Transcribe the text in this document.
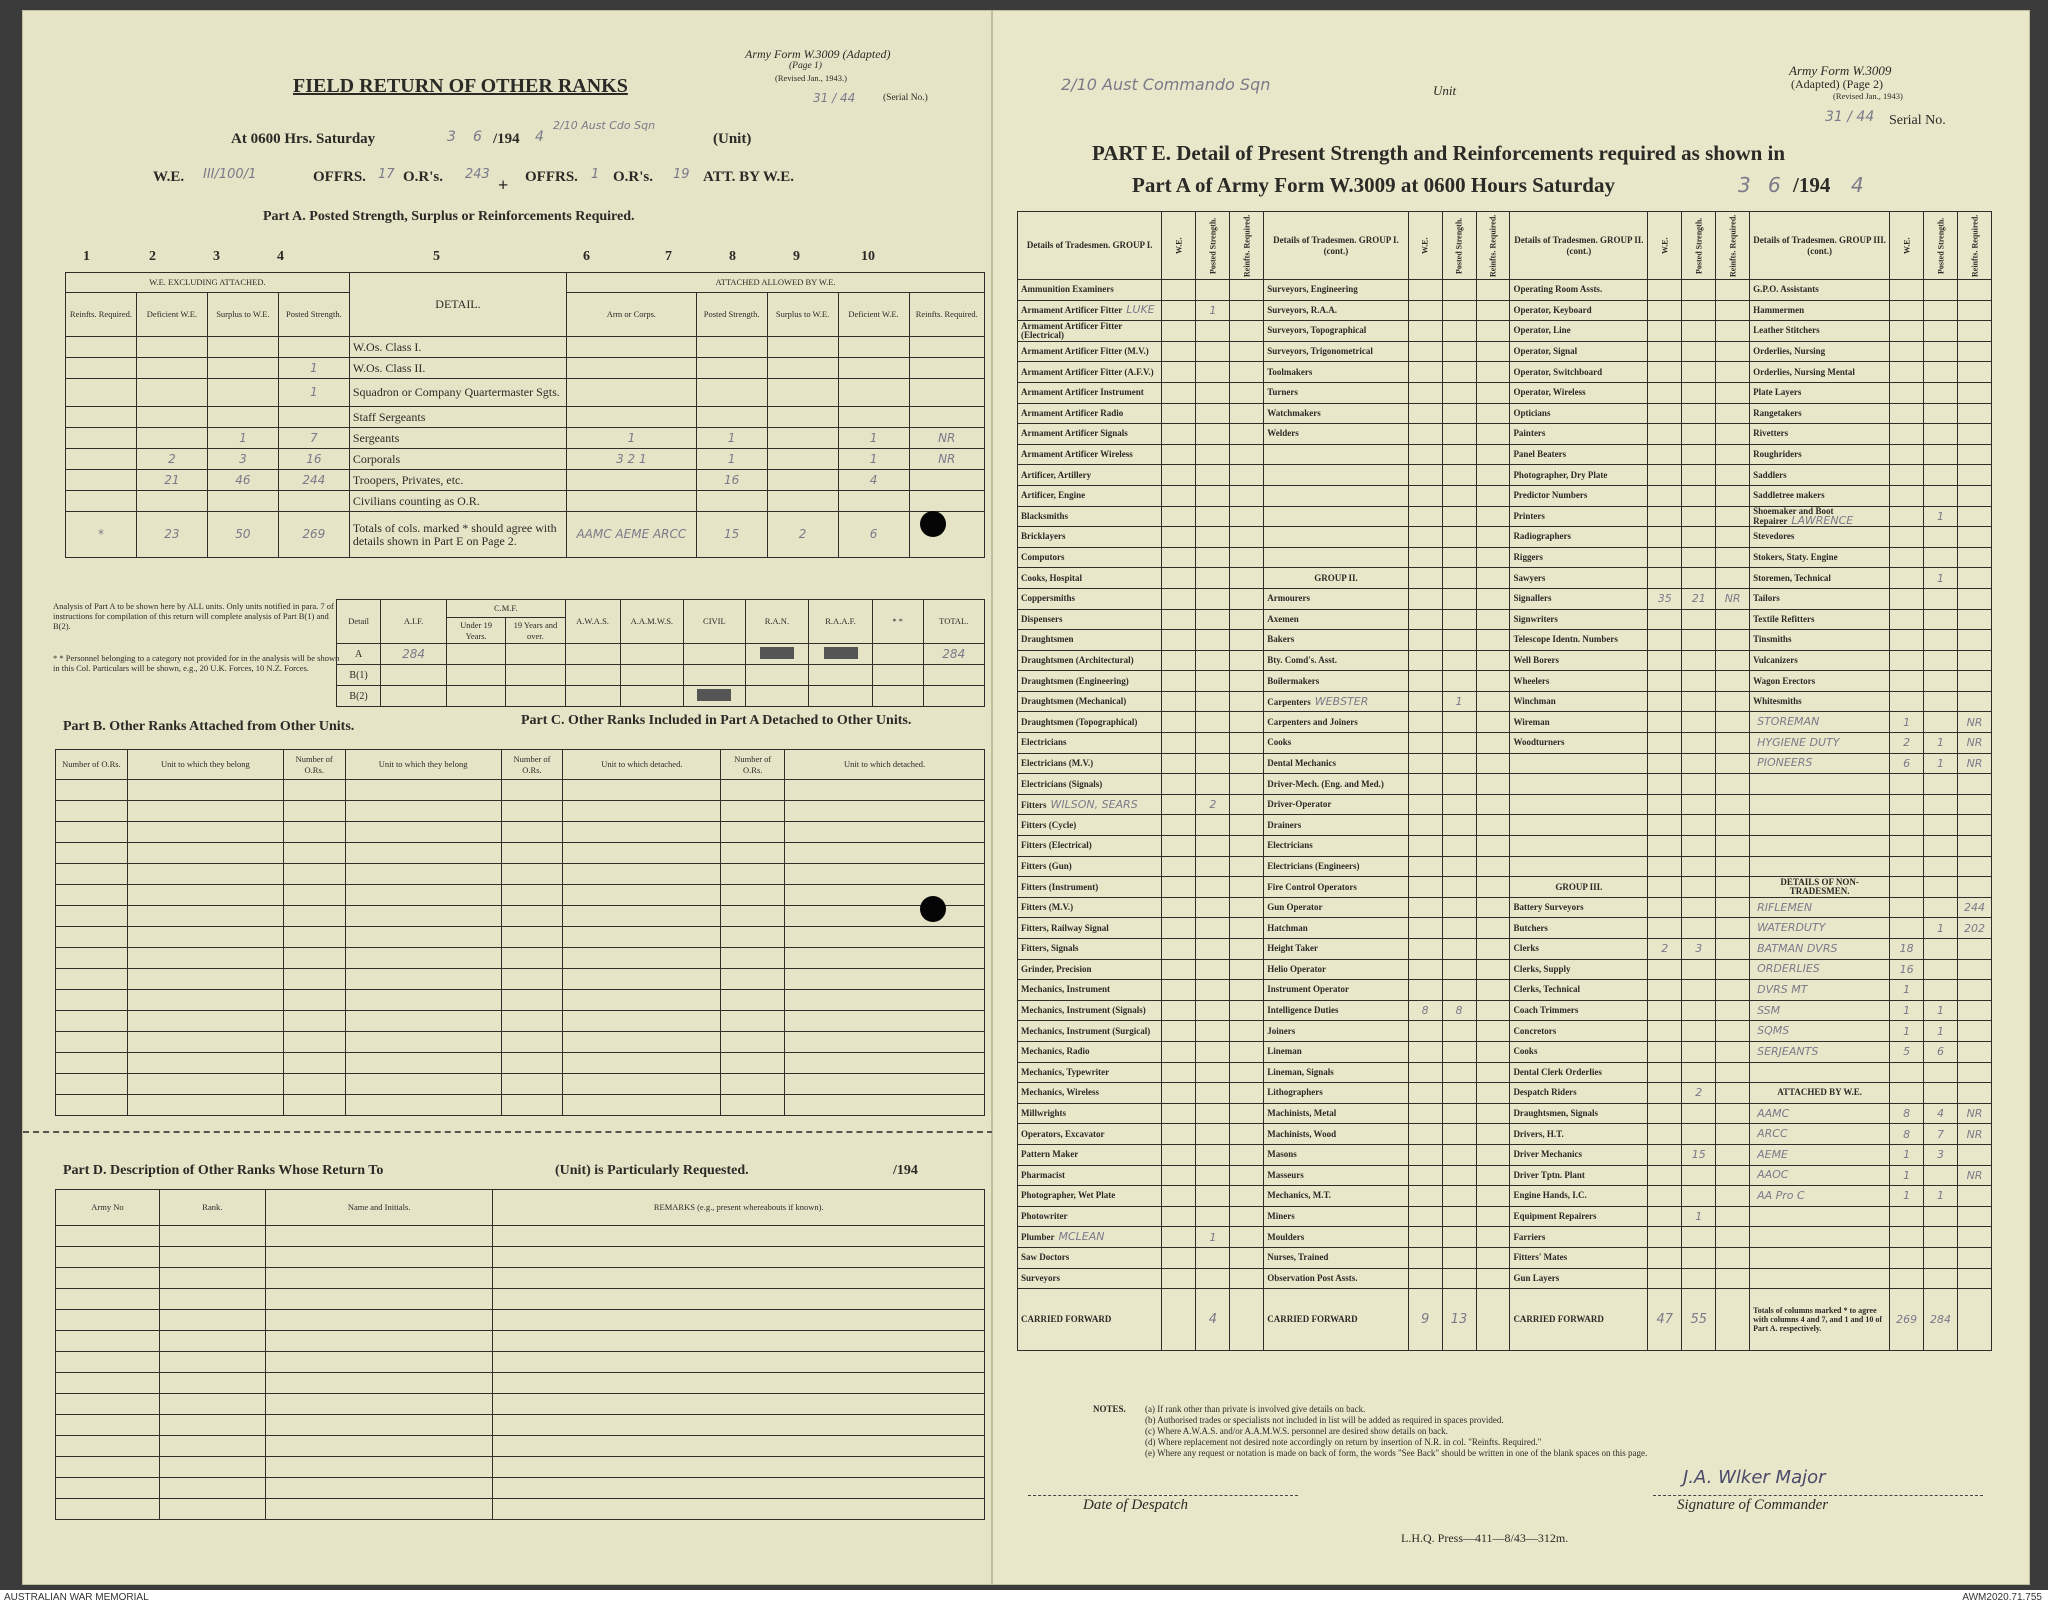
Army Form W.3009 (Adapted)
(Page 1)
(Revised Jan., 1943.)
31 / 44	(Serial No.)
FIELD RETURN OF OTHER RANKS
At 0600 Hrs. Saturday	3 6 /194 4
2/10 Aust Cdo Sqn
(Unit)
W.E. III/100/1	OFFRS. 17 O.R's. 243
+ OFFRS. 1 O.R's. 19 ATT. BY W.E.
Part A. Posted Strength, Surplus or Reinforcements Required.
1	2	3	4	5	6	7	8	9	10
W.E. EXCLUDING ATTACHED.				DETAIL.	ATTACHED ALLOWED BY W.E.				
Reinfts. Required.	Deficient W.E.	Surplus to W.E.	Posted Strength.		Arm or Corps.	Posted Strength.	Surplus to W.E.	Deficient W.E.	Reinfts. Required.
				W.Os. Class I.					
			1	W.Os. Class II.					
			1	Squadron or Company Quartermaster Sgts.					
				Staff Sergeants					
		1	7	Sergeants	1	1		1	NR
	2	3	16	Corporals	3 2 1	1		1	NR
	21	46	244	Troopers, Privates, etc.		16		4	
				Civilians counting as O.R.					
*	23	50	269	Totals of cols. marked * should agree with details shown in Part E on Page 2.	AAMC AEME ARCC	15	2	6	
Analysis of Part A to be shown here by ALL units. Only units notified in para. 7 of instructions for compilation of this return will complete analysis of Part B(1) and B(2).
* * Personnel belonging to a category not provided for in the analysis will be shown in this Col. Particulars will be shown, e.g., 20 U.K. Forces, 10 N.Z. Forces.
Detail	A.I.F.	C.M.F.		A.W.A.S.	A.A.M.W.S.	CIVIL	R.A.N.	R.A.A.F.	* *	TOTAL.
		Under 19 Years.	19 Years and over.							
A	284									284
B(1)										
B(2)										
Part B. Other Ranks Attached from Other Units.	Part C. Other Ranks Included in Part A Detached to Other Units.
Number of O.Rs.	Unit to which they belong	Number of O.Rs.	Unit to which they belong	Number of O.Rs.	Unit to which detached.	Number of O.Rs.	Unit to which detached.

Part D. Description of Other Ranks Whose Return To	(Unit) is Particularly Requested.	/194
Army No	Rank.	Name and Initials.	REMARKS (e.g., present whereabouts if known).

2/10 Aust Commando Sqn	Unit
Army Form W.3009
(Adapted) (Page 2)
(Revised Jan., 1943)
31 / 44 Serial No.
PART E. Detail of Present Strength and Reinforcements required as shown in
Part A of Army Form W.3009 at 0600 Hours Saturday	3 6 /194 4
Details of Tradesmen. GROUP I.	W.E.	Posted Strength.	Reinfts. Required.	Details of Tradesmen. GROUP I. (cont.)	W.E.	Posted Strength.	Reinfts. Required.	Details of Tradesmen. GROUP II. (cont.)	W.E.	Posted Strength.	Reinfts. Required.	Details of Tradesmen. GROUP III. (cont.)	W.E.	Posted Strength.	Reinfts. Required.
Ammunition Examiners				Surveyors, Engineering				Operating Room Assts.				G.P.O. Assistants			
Armament Artificer Fitter LUKE		1		Surveyors, R.A.A.				Operator, Keyboard				Hammermen			
Armament Artificer Fitter (Electrical)				Surveyors, Topographical				Operator, Line				Leather Stitchers			
Armament Artificer Fitter (M.V.)				Surveyors, Trigonometrical				Operator, Signal				Orderlies, Nursing			
Armament Artificer Fitter (A.F.V.)				Toolmakers				Operator, Switchboard				Orderlies, Nursing Mental			
Armament Artificer Instrument				Turners				Operator, Wireless				Plate Layers			
Armament Artificer Radio				Watchmakers				Opticians				Rangetakers			
Armament Artificer Signals				Welders				Painters				Rivetters			
Armament Artificer Wireless								Panel Beaters				Roughriders			
Artificer, Artillery								Photographer, Dry Plate				Saddlers			
Artificer, Engine								Predictor Numbers				Saddletree makers			
Blacksmiths								Printers				Shoemaker and Boot Repairer LAWRENCE		1	
Bricklayers								Radiographers				Stevedores			
Computors								Riggers				Stokers, Staty. Engine			
Cooks, Hospital				GROUP II.				Sawyers				Storemen, Technical		1	
Coppersmiths				Armourers				Signallers	35	21	NR	Tailors			
Dispensers				Axemen				Signwriters				Textile Refitters			
Draughtsmen				Bakers				Telescope Identn. Numbers				Tinsmiths			
Draughtsmen (Architectural)				Bty. Comd's. Asst.				Well Borers				Vulcanizers			
Draughtsmen (Engineering)				Boilermakers				Wheelers				Wagon Erectors			
Draughtsmen (Mechanical)				Carpenters WEBSTER		1		Winchman				Whitesmiths			
Draughtsmen (Topographical)				Carpenters and Joiners				Wireman				STOREMAN	1		NR
Electricians				Cooks				Woodturners				HYGIENE DUTY	2	1	NR
Electricians (M.V.)				Dental Mechanics								PIONEERS	6	1	NR
Electricians (Signals)				Driver-Mech. (Eng. and Med.)											
Fitters WILSON, SEARS		2		Driver-Operator											
Fitters (Cycle)				Drainers											
Fitters (Electrical)				Electricians											
Fitters (Gun)				Electricians (Engineers)											
Fitters (Instrument)				Fire Control Operators				GROUP III.				DETAILS OF NON-TRADESMEN.			
Fitters (M.V.)				Gun Operator				Battery Surveyors				RIFLEMEN			244
Fitters, Railway Signal				Hatchman				Butchers				WATERDUTY		1	202
Fitters, Signals				Height Taker				Clerks	2	3		BATMAN DVRS	18		
Grinder, Precision				Helio Operator				Clerks, Supply				ORDERLIES	16		
Mechanics, Instrument				Instrument Operator				Clerks, Technical				DVRS MT	1		
Mechanics, Instrument (Signals)				Intelligence Duties	8	8		Coach Trimmers				SSM	1	1	
Mechanics, Instrument (Surgical)				Joiners				Concretors				SQMS	1	1	
Mechanics, Radio				Lineman				Cooks				SERJEANTS	5	6	
Mechanics, Typewriter				Lineman, Signals				Dental Clerk Orderlies							
Mechanics, Wireless				Lithographers				Despatch Riders		2		ATTACHED BY W.E.			
Millwrights				Machinists, Metal				Draughtsmen, Signals				AAMC	8	4	NR
Operators, Excavator				Machinists, Wood				Drivers, H.T.				ARCC	8	7	NR
Pattern Maker				Masons				Driver Mechanics		15		AEME	1	3	
Pharmacist				Masseurs				Driver Tptn. Plant				AAOC	1		NR
Photographer, Wet Plate				Mechanics, M.T.				Engine Hands, I.C.				AA Pro C	1	1	
Photowriter				Miners				Equipment Repairers		1					
Plumber MCLEAN		1		Moulders				Farriers							
Saw Doctors				Nurses, Trained				Fitters' Mates							
Surveyors				Observation Post Assts.				Gun Layers							
CARRIED FORWARD		4		CARRIED FORWARD	9	13		CARRIED FORWARD	47	55		Totals of columns marked * to agree with columns 4 and 7, and 1 and 10 of Part A. respectively.	269	284	
NOTES. (a) If rank other than private is involved give details on back.
(b) Authorised trades or specialists not included in list will be added as required in spaces provided.
(c) Where A.W.A.S. and/or A.A.M.W.S. personnel are desired show details on back.
(d) Where replacement not desired note accordingly on return by insertion of N.R. in col. "Reinfts. Required."
(e) Where any request or notation is made on back of form, the words "See Back" should be written in one of the blank spaces on this page.
Date of Despatch
J.A. Wlker Major
Signature of Commander
L.H.Q. Press—411—8/43—312m.
AUSTRALIAN WAR MEMORIAL	AWM2020.71.755
